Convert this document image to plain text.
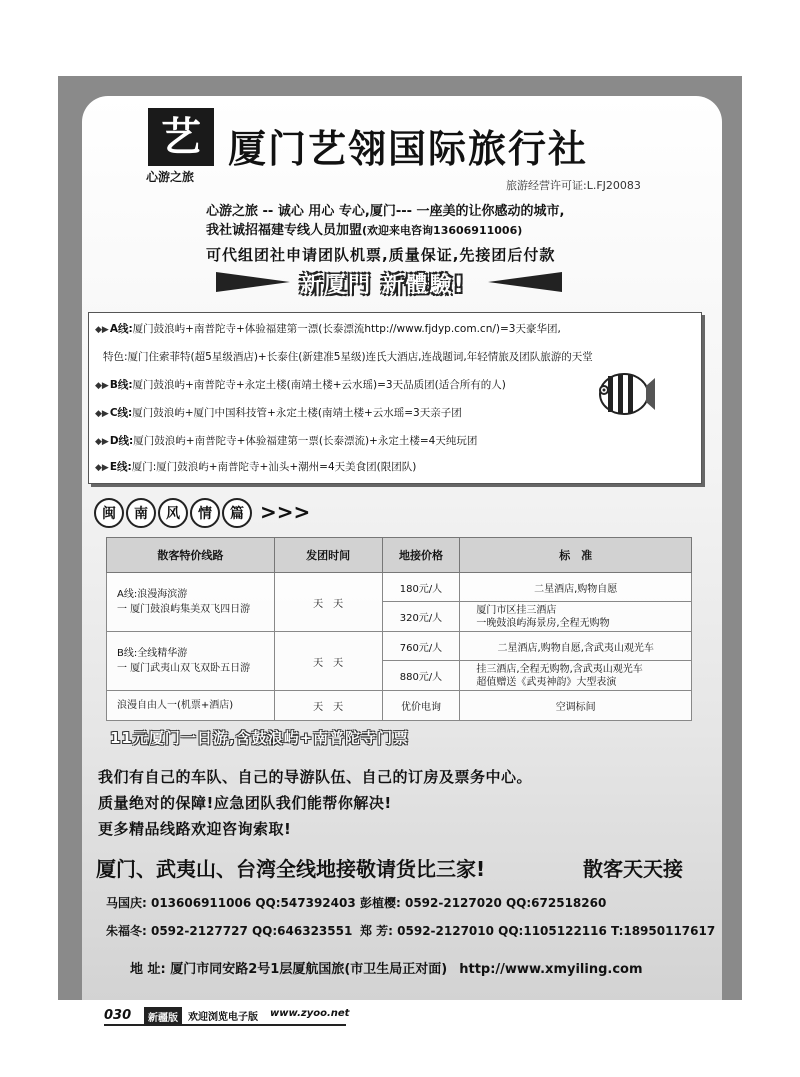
艺
心游之旅
厦门艺翎国际旅行社
旅游经营许可证:L.FJ20083
心游之旅 -- 诚心 用心 专心,厦门--- 一座美的让你感动的城市,
我社诚招福建专线人员加盟(欢迎来电咨询13606911006)
可代组团社申请团队机票,质量保证,先接团后付款
新厦門 新體驗!
◆▶A线:厦门鼓浪屿+南普陀寺+体验福建第一漂(长泰漂流http://www.fjdyp.com.cn/)=3天豪华团,
特色:厦门住索菲特(超5星级酒店)+长泰住(新建准5星级)连氏大酒店,连战题词,年轻情旅及团队旅游的天堂
◆▶B线:厦门鼓浪屿+南普陀寺+永定土楼(南靖土楼+云水瑶)=3天品质团(适合所有的人)
◆▶C线:厦门鼓浪屿+厦门中国科技管+永定土楼(南靖土楼+云水瑶=3天亲子团
◆▶D线:厦门鼓浪屿+南普陀寺+体验福建第一票(长泰漂流)+永定土楼=4天纯玩团
◆▶E线:厦门:厦门鼓浪屿+南普陀寺+汕头+潮州=4天美食团(限团队)
闽	南	风	情	篇 >>>
散客特价线路	发团时间	地接价格	标　准

A线:浪漫海滨游
一 厦门鼓浪屿集美双飞四日游	天　天	180元/人	二星酒店,购物自愿
		320元/人	厦门市区挂三酒店
一晚鼓浪屿海景房,全程无购物

B线:全线精华游
一 厦门武夷山双飞双卧五日游	天　天	760元/人	二星酒店,购物自愿,含武夷山观光车
		880元/人	挂三酒店,全程无购物,含武夷山观光车
超值赠送《武夷神韵》大型表演

浪漫自由人一(机票+酒店)	天　天	优价电询	空调标间
11元厦门一日游,含鼓浪屿+南普陀寺门票
我们有自己的车队、自己的导游队伍、自己的订房及票务中心。
质量绝对的保障!应急团队我们能帮你解决!
更多精品线路欢迎咨询索取!
厦门、武夷山、台湾全线地接敬请货比三家!	散客天天接
马国庆: 013606911006 QQ:547392403 彭植樱: 0592-2127020 QQ:672518260
朱福冬: 0592-2127727 QQ:646323551 郑 芳: 0592-2127010 QQ:1105122116 T:18950117617
地 址: 厦门市同安路2号1层厦航国旅(市卫生局正对面) http://www.xmyiling.com
030	新疆版	欢迎浏览电子版 www.zyoo.net
